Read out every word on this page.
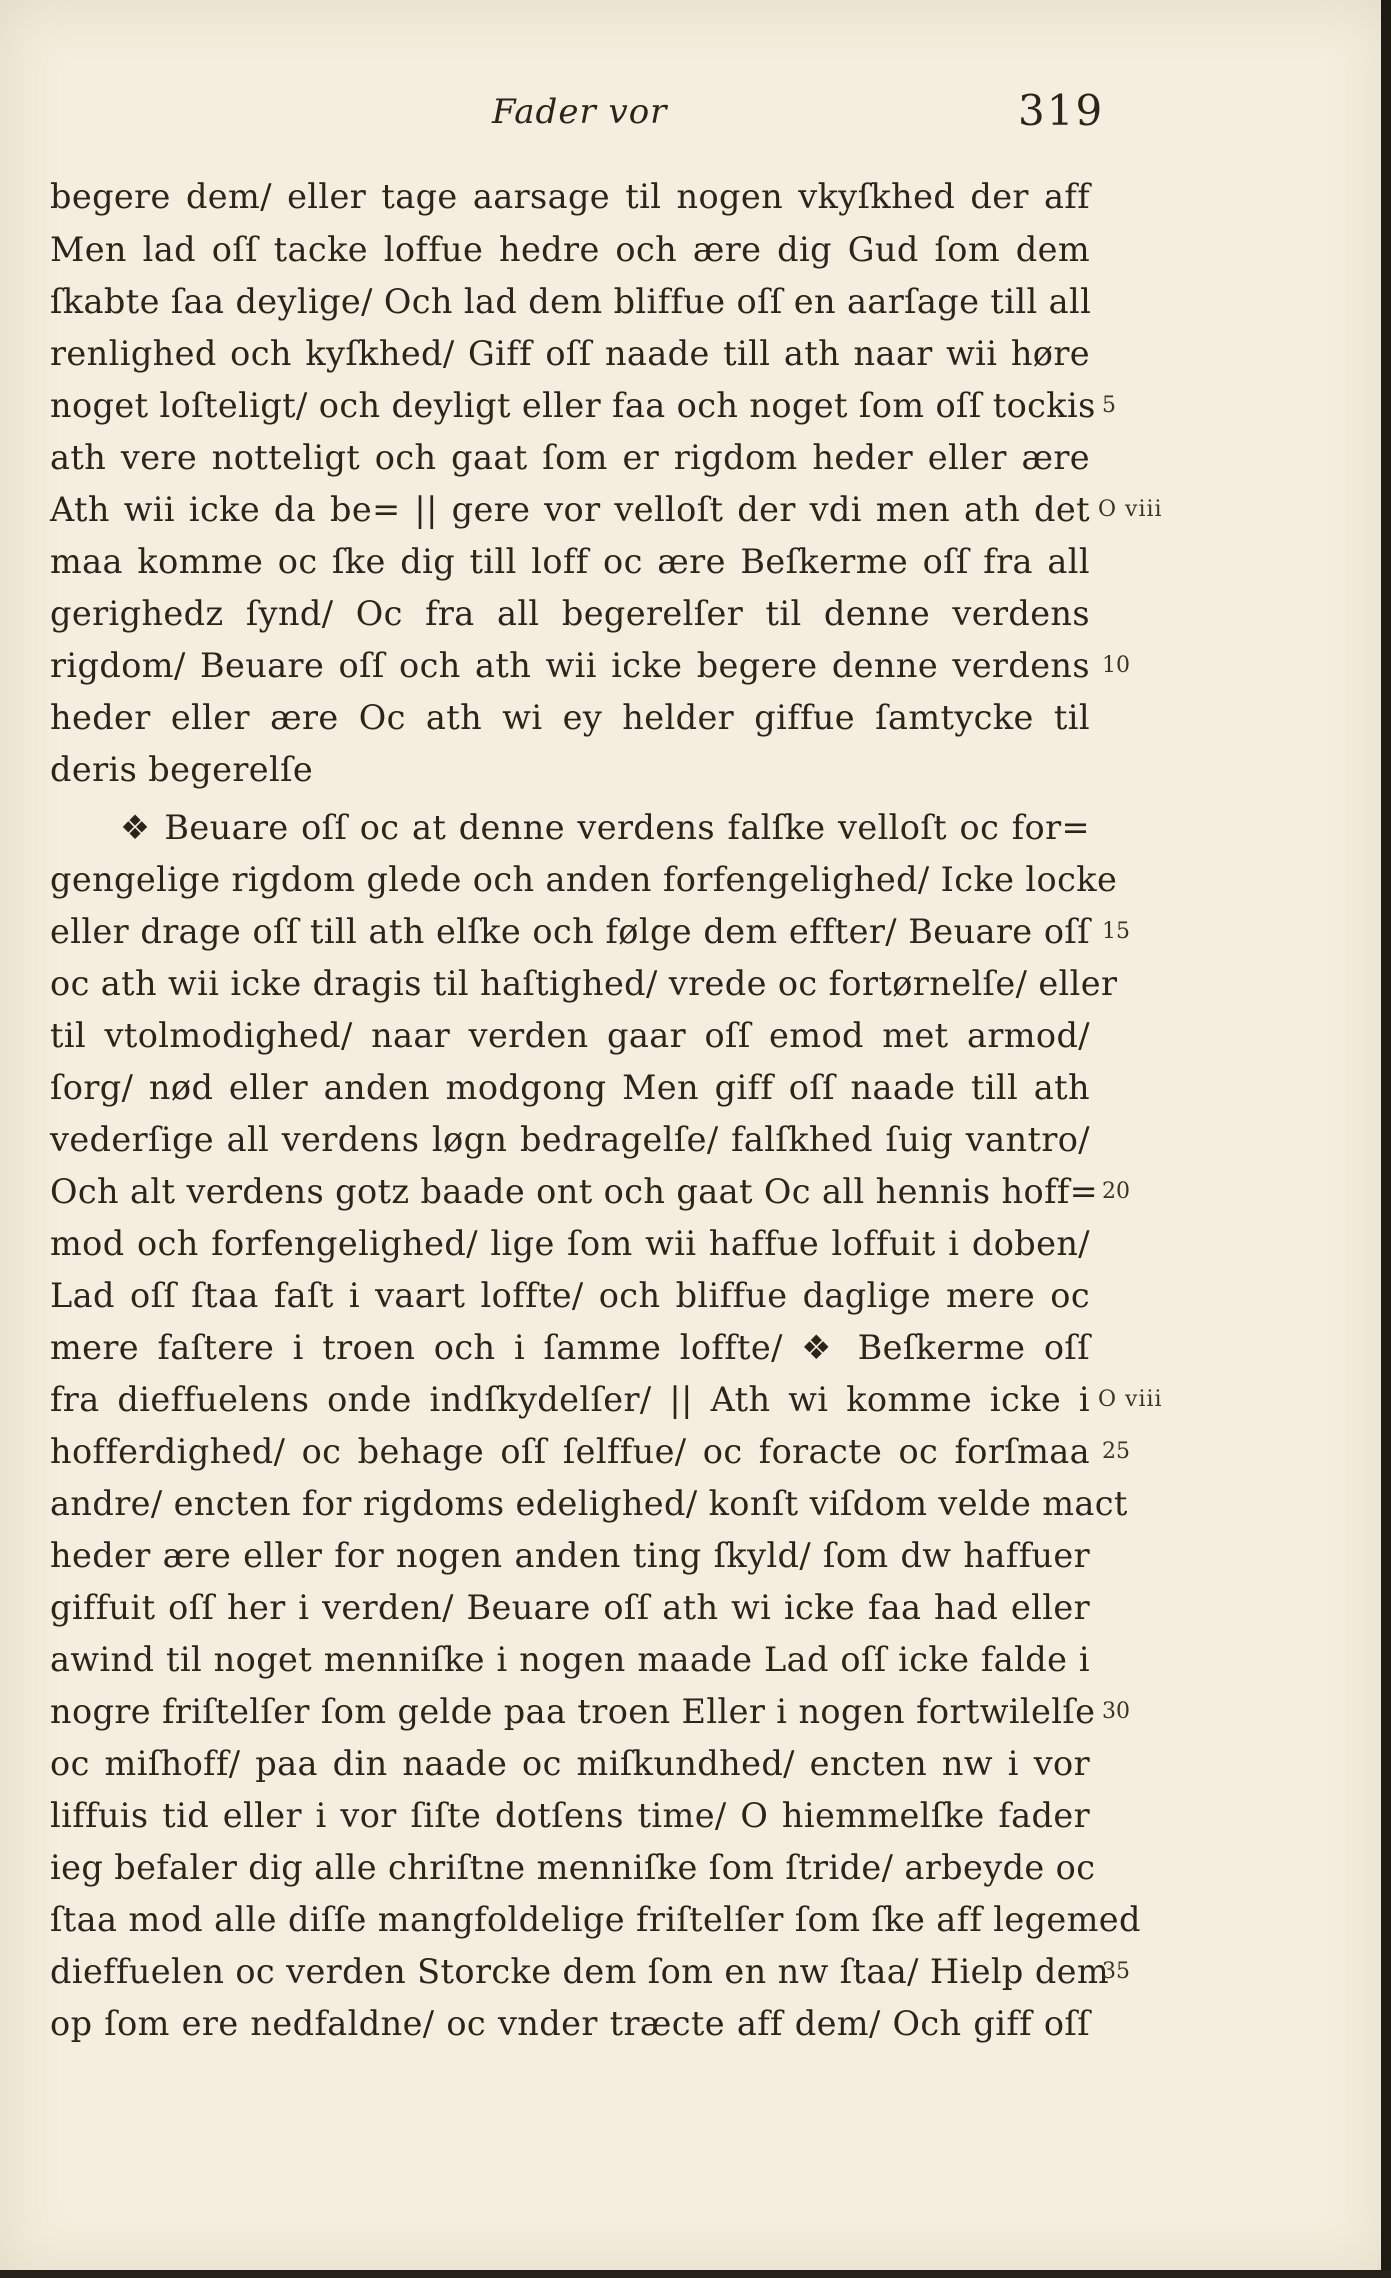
Fader vor	319
begere dem/ eller tage aarsage til nogen vkyſkhed der aff
Men lad oſſ tacke loffue hedre och ære dig Gud ſom dem
ſkabte ſaa deylige/ Och lad dem bliffue oſſ en aarſage till all
renlighed och kyſkhed/ Giff oſſ naade till ath naar wii høre
noget loſteligt/ och deyligt eller faa och noget ſom oſſ tockis
ath vere notteligt och gaat ſom er rigdom heder eller ære
Ath wii icke da be= || gere vor velloſt der vdi men ath det
maa komme oc ſke dig till loff oc ære Beſkerme oſſ fra all
gerighedz ſynd/ Oc fra all begerelſer til denne verdens
rigdom/ Beuare oſſ och ath wii icke begere denne verdens
heder eller ære Oc ath wi ey helder giffue ſamtycke til
deris begerelſe
❖ Beuare oſſ oc at denne verdens falſke velloſt oc for=
gengelige rigdom glede och anden forfengelighed/ Icke locke
eller drage oſſ till ath elſke och følge dem effter/ Beuare oſſ
oc ath wii icke dragis til haſtighed/ vrede oc fortørnelſe/ eller
til vtolmodighed/ naar verden gaar oſſ emod met armod/
ſorg/ nød eller anden modgong Men giff oſſ naade till ath
vederſige all verdens løgn bedragelſe/ falſkhed ſuig vantro/
Och alt verdens gotz baade ont och gaat Oc all hennis hoff=
mod och forfengelighed/ lige ſom wii haffue loffuit i doben/
Lad oſſ ſtaa faſt i vaart loffte/ och bliffue daglige mere oc
mere faſtere i troen och i ſamme loffte/ ❖ Beſkerme oſſ
fra dieffuelens onde indſkydelſer/ || Ath wi komme icke i
hofferdighed/ oc behage oſſ ſelffue/ oc foracte oc forſmaa
andre/ encten for rigdoms edelighed/ konſt viſdom velde mact
heder ære eller for nogen anden ting ſkyld/ ſom dw haffuer
giffuit oſſ her i verden/ Beuare oſſ ath wi icke faa had eller
awind til noget menniſke i nogen maade Lad oſſ icke falde i
nogre friſtelſer ſom gelde paa troen Eller i nogen fortwilelſe
oc miſhoff/ paa din naade oc miſkundhed/ encten nw i vor
liffuis tid eller i vor ſiſte dotſens time/ O hiemmelſke fader
ieg befaler dig alle chriſtne menniſke ſom ſtride/ arbeyde oc
ſtaa mod alle diſſe mangfoldelige friſtelſer ſom ſke aff legemed
dieffuelen oc verden Storcke dem ſom en nw ſtaa/ Hielp dem
op ſom ere nedfaldne/ oc vnder træcte aff dem/ Och giff oſſ
5
O viii
10
15
20
O viii
25
30
35
